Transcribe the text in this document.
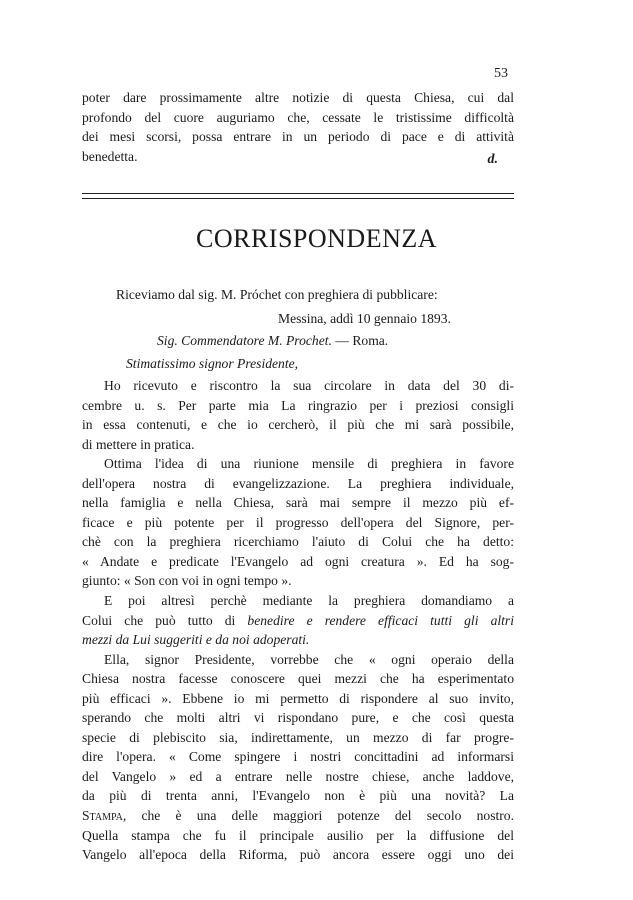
53

poter dare prossimamente altre notizie di questa Chiesa, cui dal

profondo del cuore auguriamo che, cessate le tristissime difficoltà

dei mesi scorsi, possa entrare in un periodo di pace e di attività

benedetta.	d.
CORRISPONDENZA
Riceviamo dal sig. M. Próchet con preghiera di pubblicare:
Messina, addì 10 gennaio 1893.
Sig. Commendatore M. Prochet. — Roma.
Stimatissimo signor Presidente,
Ho ricevuto e riscontro la sua circolare in data del 30 di-
cembre u. s. Per parte mia La ringrazio per i preziosi consigli
in essa contenuti, e che io cercherò, il più che mi sarà possibile,
di mettere in pratica.
Ottima l'idea di una riunione mensile di preghiera in favore
dell'opera nostra di evangelizzazione. La preghiera individuale,
nella famiglia e nella Chiesa, sarà mai sempre il mezzo più ef-
ficace e più potente per il progresso dell'opera del Signore, per-
chè con la preghiera ricerchiamo l'aiuto di Colui che ha detto:
« Andate e predicate l'Evangelo ad ogni creatura ». Ed ha sog-
giunto: « Son con voi in ogni tempo ».
E poi altresì perchè mediante la preghiera domandiamo a
Colui che può tutto di benedire e rendere efficaci tutti gli altri
mezzi da Lui suggeriti e da noi adoperati.
Ella, signor Presidente, vorrebbe che « ogni operaio della
Chiesa nostra facesse conoscere quei mezzi che ha esperimentato
più efficaci ». Ebbene io mi permetto di rispondere al suo invito,
sperando che molti altri vi rispondano pure, e che così questa
specie di plebiscito sia, indirettamente, un mezzo di far progre-
dire l'opera. « Come spingere i nostri concittadini ad informarsi
del Vangelo » ed a entrare nelle nostre chiese, anche laddove,
da più di trenta anni, l'Evangelo non è più una novità? La
Stampa, che è una delle maggiori potenze del secolo nostro.
Quella stampa che fu il principale ausilio per la diffusione del
Vangelo all'epoca della Riforma, può ancora essere oggi uno dei
